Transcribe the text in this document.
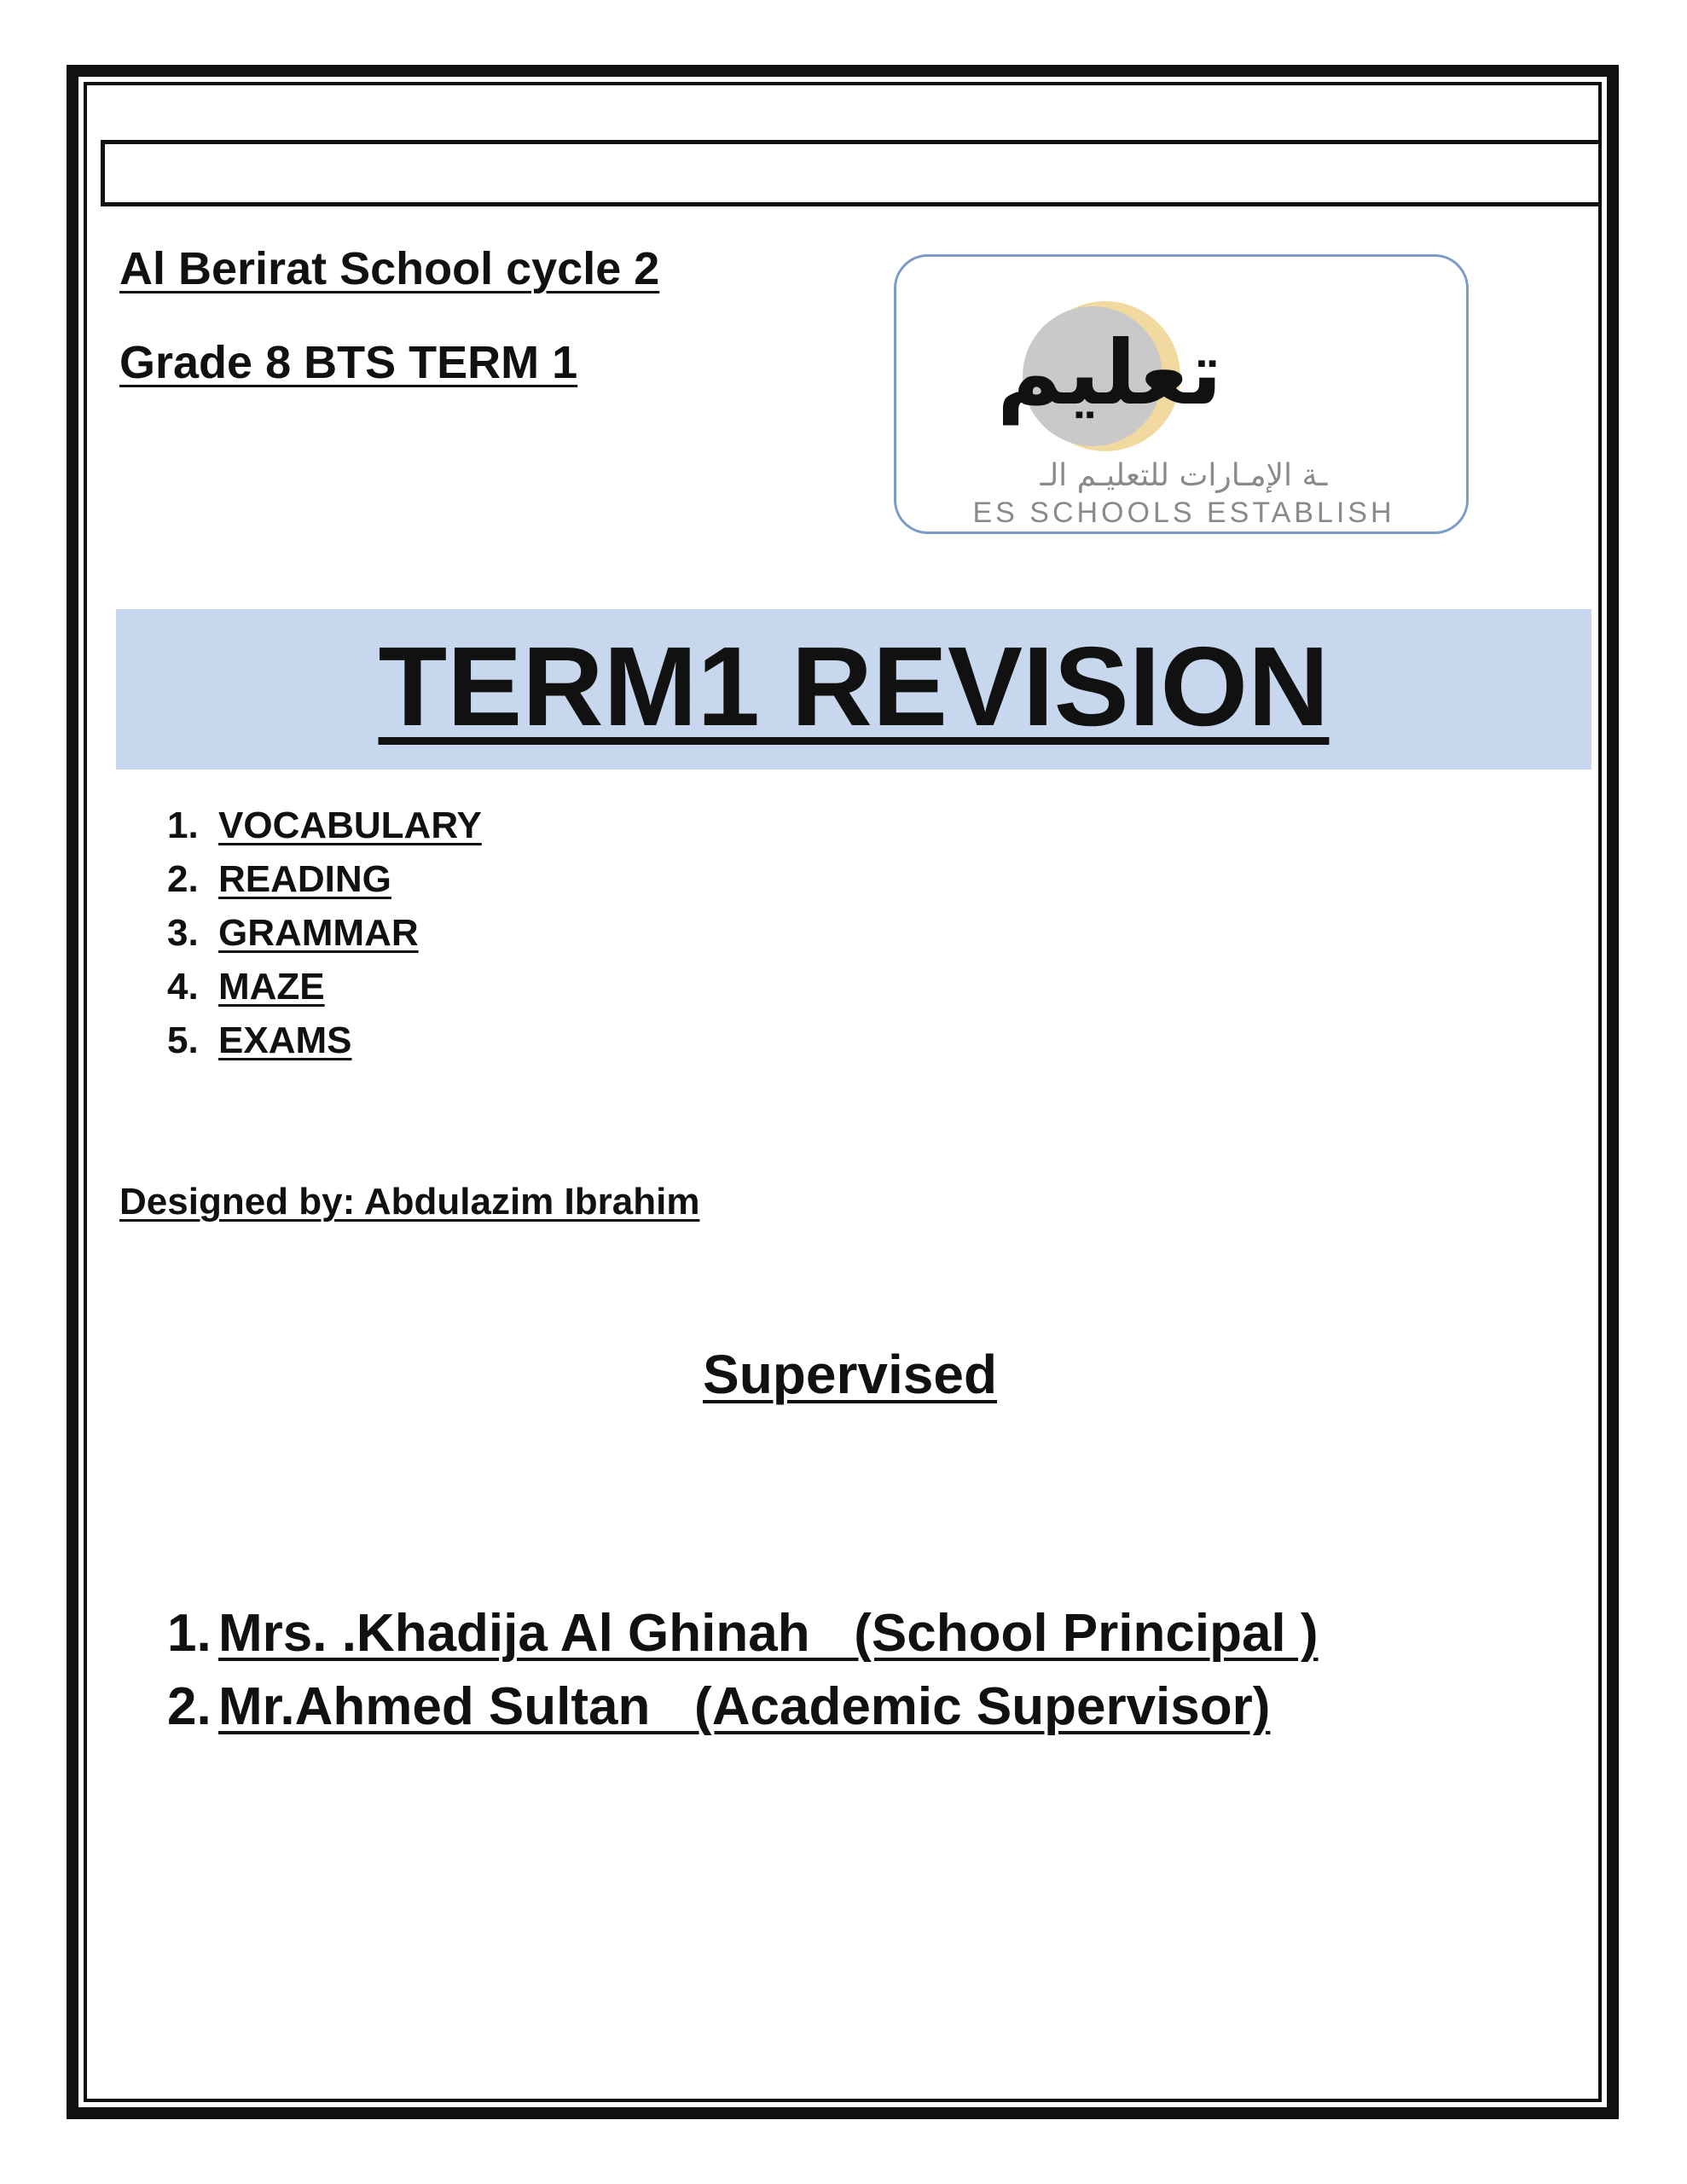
Al Berirat School cycle 2
Grade 8 BTS TERM 1	تعليم
ـة الإمـارات للتعليـم الـ
ES SCHOOLS ESTABLISH
TERM1 REVISION
1. VOCABULARY
2. READING
3. GRAMMAR
4. MAZE
5. EXAMS
Designed by: Abdulazim Ibrahim
Supervised
1. Mrs. .Khadija Al Ghinah   (School Principal )
2. Mr.Ahmed Sultan   (Academic Supervisor)
